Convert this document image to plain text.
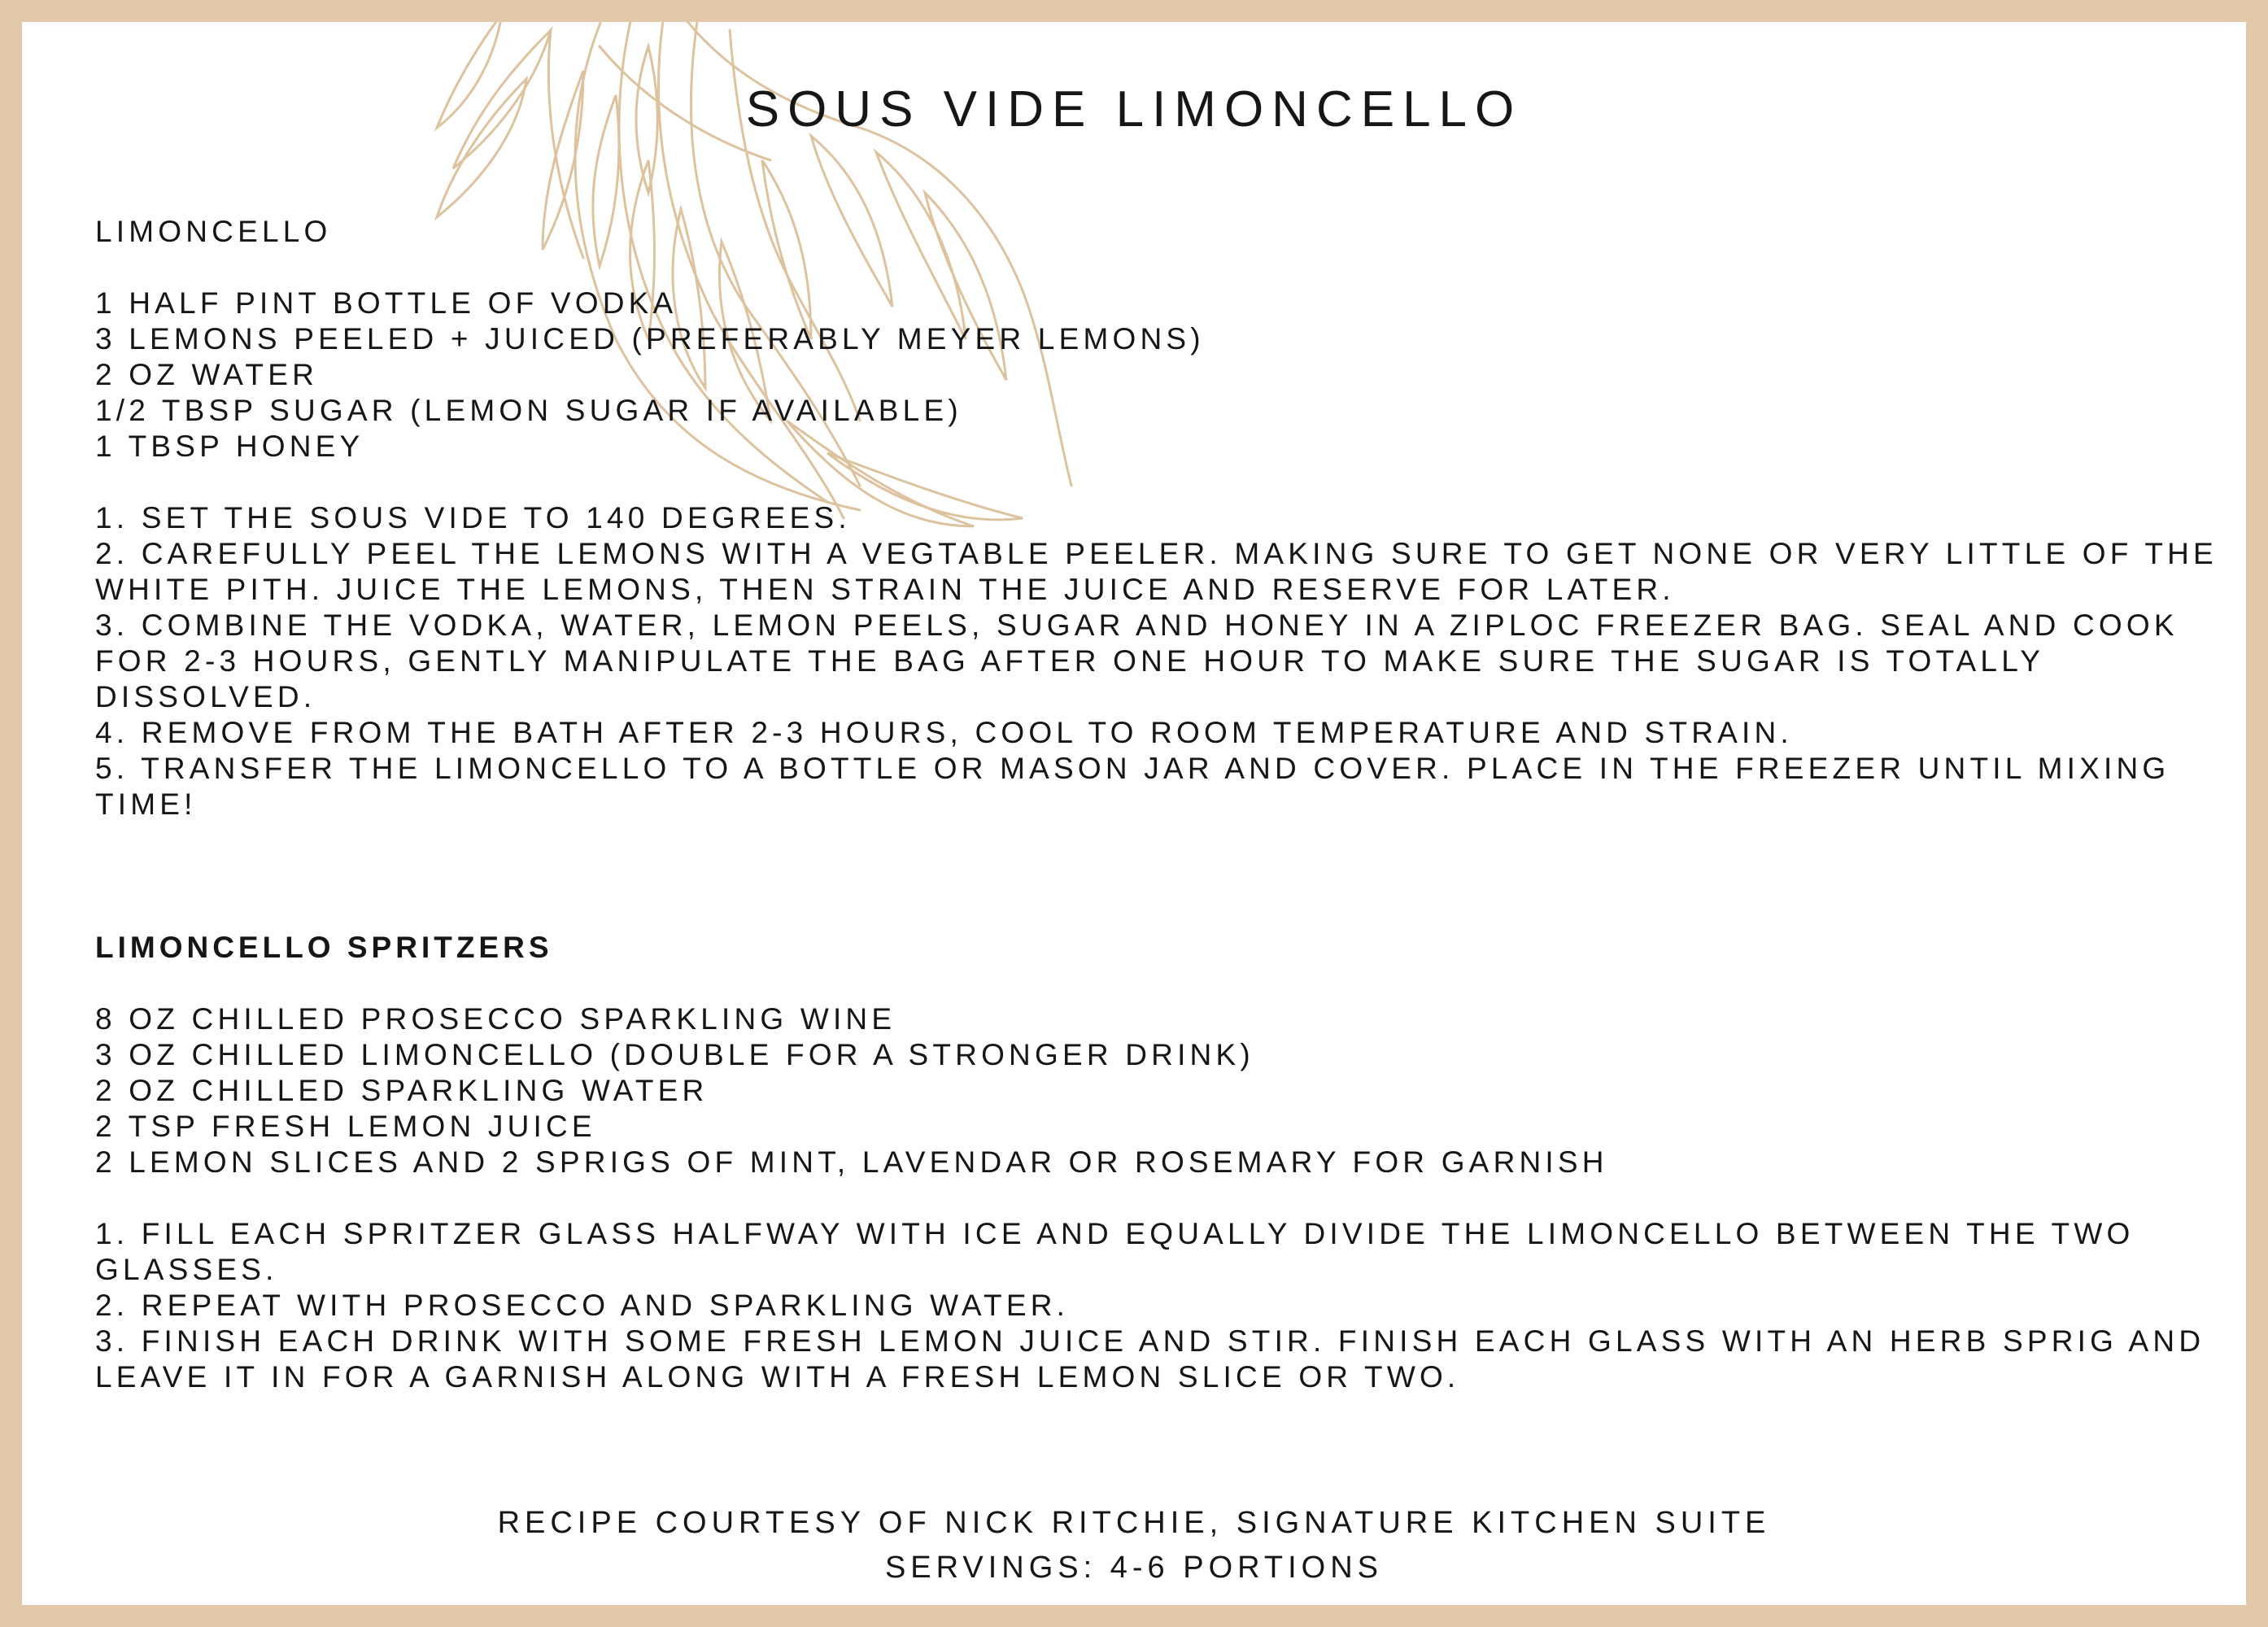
SOUS VIDE LIMONCELLO
LIMONCELLO
1 HALF PINT BOTTLE OF VODKA
3 LEMONS PEELED + JUICED (PREFERABLY MEYER LEMONS)
2 OZ WATER
1/2 TBSP SUGAR (LEMON SUGAR IF AVAILABLE)
1 TBSP HONEY
1. SET THE SOUS VIDE TO 140 DEGREES.
2. CAREFULLY PEEL THE LEMONS WITH A VEGTABLE PEELER. MAKING SURE TO GET NONE OR VERY LITTLE OF THE
WHITE PITH. JUICE THE LEMONS, THEN STRAIN THE JUICE AND RESERVE FOR LATER.
3. COMBINE THE VODKA, WATER, LEMON PEELS, SUGAR AND HONEY IN A ZIPLOC FREEZER BAG. SEAL AND COOK
FOR 2-3 HOURS, GENTLY MANIPULATE THE BAG AFTER ONE HOUR TO MAKE SURE THE SUGAR IS TOTALLY
DISSOLVED.
4. REMOVE FROM THE BATH AFTER 2-3 HOURS, COOL TO ROOM TEMPERATURE AND STRAIN.
5. TRANSFER THE LIMONCELLO TO A BOTTLE OR MASON JAR AND COVER. PLACE IN THE FREEZER UNTIL MIXING
TIME!
LIMONCELLO SPRITZERS
8 OZ CHILLED PROSECCO SPARKLING WINE
3 OZ CHILLED LIMONCELLO (DOUBLE FOR A STRONGER DRINK)
2 OZ CHILLED SPARKLING WATER
2 TSP FRESH LEMON JUICE
2 LEMON SLICES AND 2 SPRIGS OF MINT, LAVENDAR OR ROSEMARY FOR GARNISH
1. FILL EACH SPRITZER GLASS HALFWAY WITH ICE AND EQUALLY DIVIDE THE LIMONCELLO BETWEEN THE TWO
GLASSES.
2. REPEAT WITH PROSECCO AND SPARKLING WATER.
3. FINISH EACH DRINK WITH SOME FRESH LEMON JUICE AND STIR. FINISH EACH GLASS WITH AN HERB SPRIG AND
LEAVE IT IN FOR A GARNISH ALONG WITH A FRESH LEMON SLICE OR TWO.
RECIPE COURTESY OF NICK RITCHIE, SIGNATURE KITCHEN SUITE
SERVINGS: 4-6 PORTIONS
